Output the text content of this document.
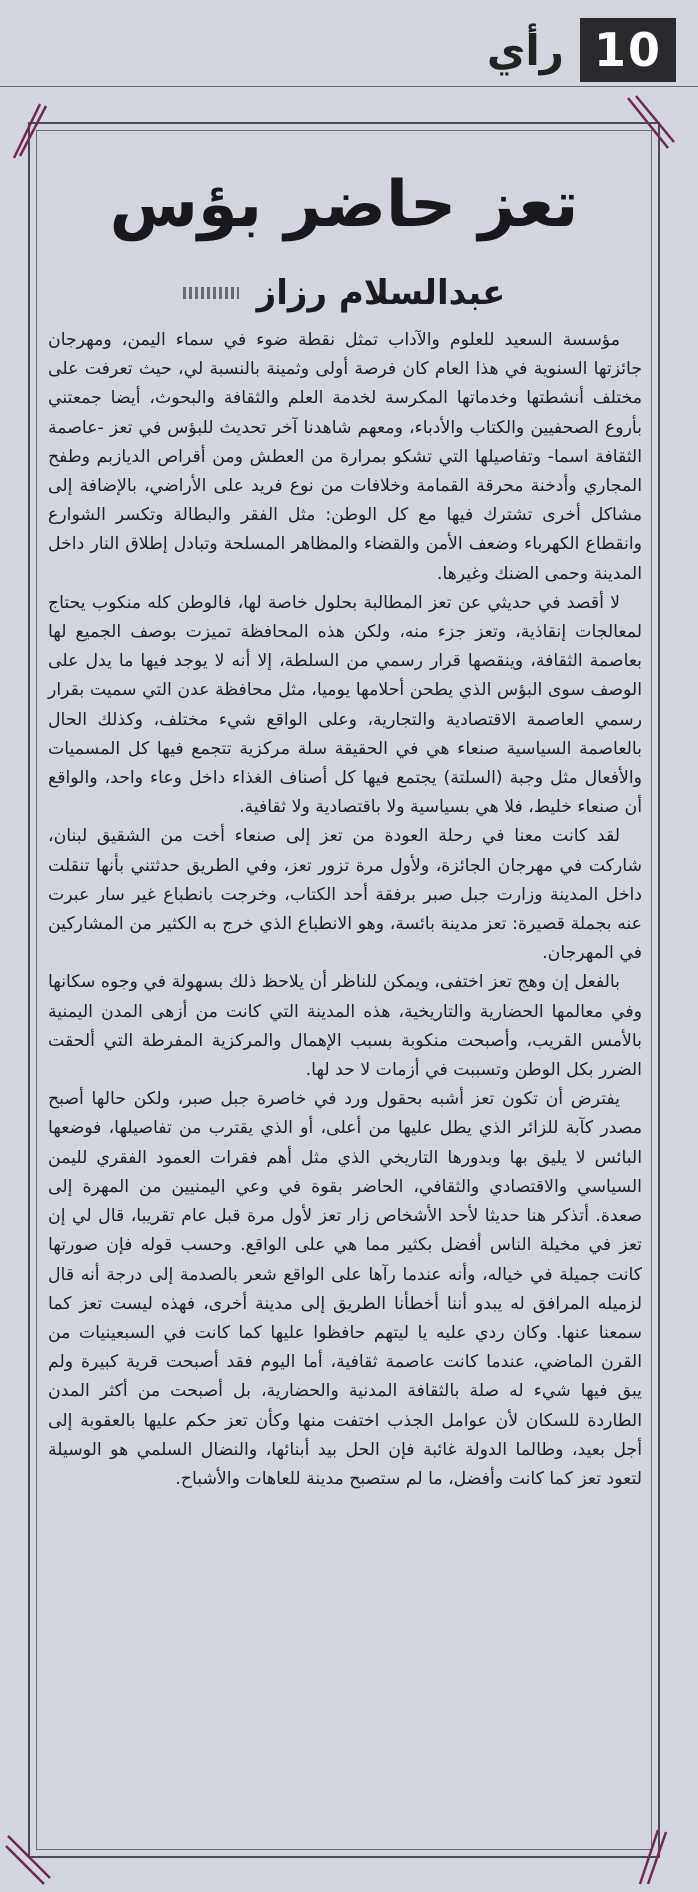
10
رأي
تعز حاضر بؤس
عبدالسلام رزاز

مؤسسة السعيد للعلوم والآداب تمثل نقطة ضوء في سماء اليمن، ومهرجان جائزتها السنوية في هذا العام كان فرصة أولى وثمينة بالنسبة لي، حيث تعرفت على مختلف أنشطتها وخدماتها المكرسة لخدمة العلم والثقافة والبحوث، أيضا جمعتني بأروع الصحفيين والكتاب والأدباء، ومعهم شاهدنا آخر تحديث للبؤس في تعز -عاصمة الثقافة اسما- وتفاصيلها التي تشكو بمرارة من العطش ومن أقراص الديازبم وطفح المجاري وأدخنة محرقة القمامة وخلافات من نوع فريد على الأراضي، بالإضافة إلى مشاكل أخرى تشترك فيها مع كل الوطن: مثل الفقر والبطالة وتكسر الشوارع وانقطاع الكهرباء وضعف الأمن والقضاء والمظاهر المسلحة وتبادل إطلاق النار داخل المدينة وحمى الضنك وغيرها.

لا أقصد في حديثي عن تعز المطالبة بحلول خاصة لها، فالوطن كله منكوب يحتاج لمعالجات إنقاذية، وتعز جزء منه، ولكن هذه المحافظة تميزت بوصف الجميع لها بعاصمة الثقافة، وينقصها قرار رسمي من السلطة، إلا أنه لا يوجد فيها ما يدل على الوصف سوى البؤس الذي يطحن أحلامها يوميا، مثل محافظة عدن التي سميت بقرار رسمي العاصمة الاقتصادية والتجارية، وعلى الواقع شيء مختلف، وكذلك الحال بالعاصمة السياسية صنعاء هي في الحقيقة سلة مركزية تتجمع فيها كل المسميات والأفعال مثل وجبة (السلتة) يجتمع فيها كل أصناف الغذاء داخل وعاء واحد، والواقع أن صنعاء خليط، فلا هي بسياسية ولا باقتصادية ولا ثقافية.

لقد كانت معنا في رحلة العودة من تعز إلى صنعاء أخت من الشقيق لبنان، شاركت في مهرجان الجائزة، ولأول مرة تزور تعز، وفي الطريق حدثتني بأنها تنقلت داخل المدينة وزارت جبل صبر برفقة أحد الكتاب، وخرجت بانطباع غير سار عبرت عنه بجملة قصيرة: تعز مدينة بائسة، وهو الانطباع الذي خرج به الكثير من المشاركين في المهرجان.

بالفعل إن وهج تعز اختفى، ويمكن للناظر أن يلاحظ ذلك بسهولة في وجوه سكانها وفي معالمها الحضارية والتاريخية، هذه المدينة التي كانت من أزهى المدن اليمنية بالأمس القريب، وأصبحت منكوبة بسبب الإهمال والمركزية المفرطة التي ألحقت الضرر بكل الوطن وتسببت في أزمات لا حد لها.

يفترض أن تكون تعز أشبه بحقول ورد في خاصرة جبل صبر، ولكن حالها أصبح مصدر كآبة للزائر الذي يطل عليها من أعلى، أو الذي يقترب من تفاصيلها، فوضعها البائس لا يليق بها وبدورها التاريخي الذي مثل أهم فقرات العمود الفقري لليمن السياسي والاقتصادي والثقافي، الحاضر بقوة في وعي اليمنيين من المهرة إلى صعدة. أتذكر هنا حديثا لأحد الأشخاص زار تعز لأول مرة قبل عام تقريبا، قال لي إن تعز في مخيلة الناس أفضل بكثير مما هي على الواقع. وحسب قوله فإن صورتها كانت جميلة في خياله، وأنه عندما رآها على الواقع شعر بالصدمة إلى درجة أنه قال لزميله المرافق له يبدو أننا أخطأنا الطريق إلى مدينة أخرى، فهذه ليست تعز كما سمعنا عنها. وكان ردي عليه يا ليتهم حافظوا عليها كما كانت في السبعينيات من القرن الماضي، عندما كانت عاصمة ثقافية، أما اليوم فقد أصبحت قرية كبيرة ولم يبق فيها شيء له صلة بالثقافة المدنية والحضارية، بل أصبحت من أكثر المدن الطاردة للسكان لأن عوامل الجذب اختفت منها وكأن تعز حكم عليها بالعقوبة إلى أجل بعيد، وطالما الدولة غائبة فإن الحل بيد أبنائها، والنضال السلمي هو الوسيلة لتعود تعز كما كانت وأفضل، ما لم ستصبح مدينة للعاهات والأشباح.
